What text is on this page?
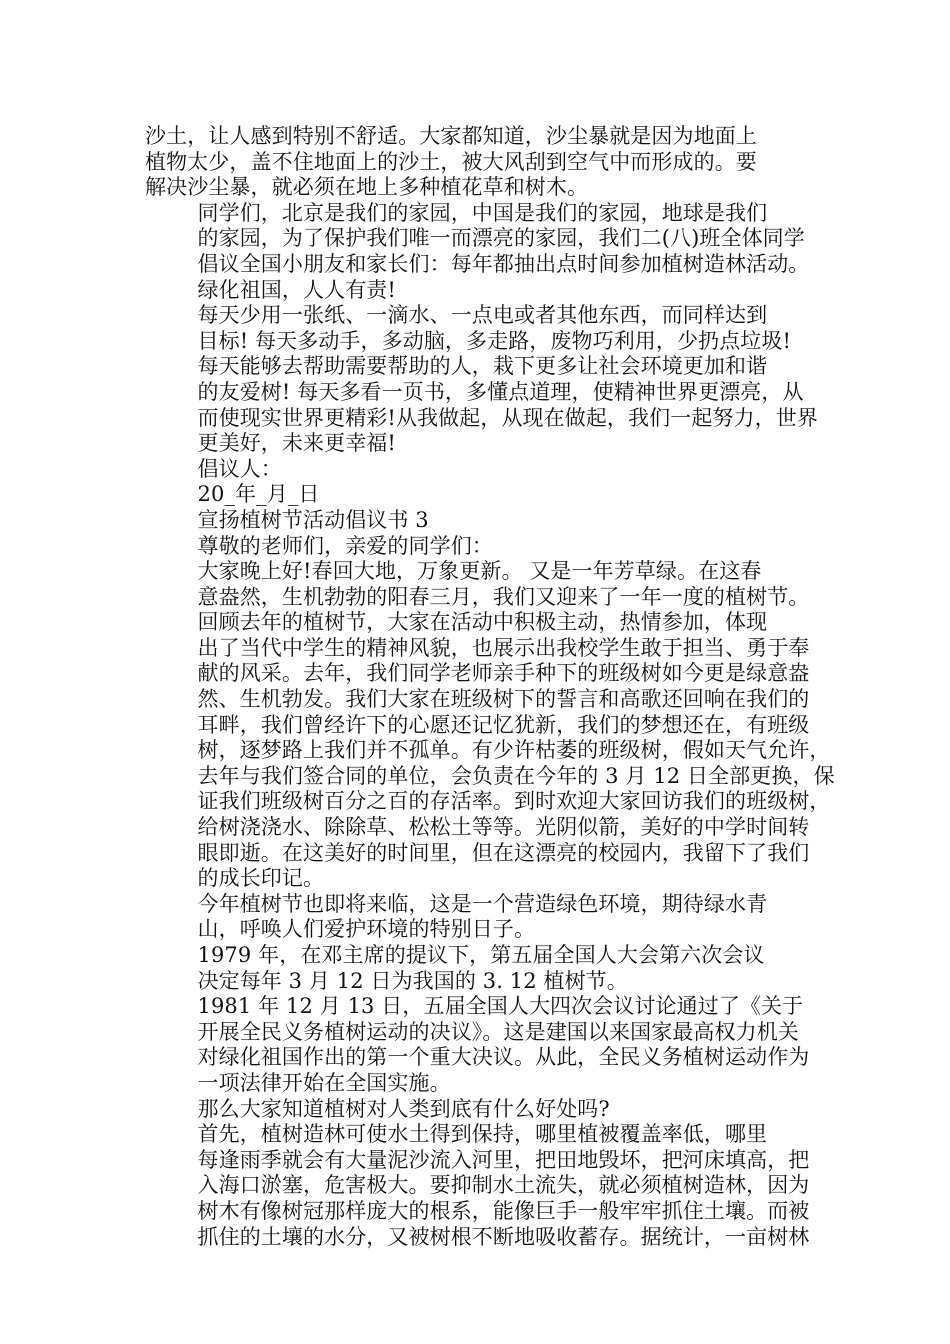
沙土，让人感到特别不舒适。大家都知道，沙尘暴就是因为地面上
植物太少，盖不住地面上的沙土，被大风刮到空气中而形成的。要
解决沙尘暴，就必须在地上多种植花草和树木。
同学们，北京是我们的家园，中国是我们的家园，地球是我们
的家园，为了保护我们唯一而漂亮的家园，我们二(八)班全体同学
倡议全国小朋友和家长们：每年都抽出点时间参加植树造林活动。
绿化祖国，人人有责!
每天少用一张纸、一滴水、一点电或者其他东西，而同样达到
目标! 每天多动手，多动脑，多走路，废物巧利用，少扔点垃圾!
每天能够去帮助需要帮助的人，栽下更多让社会环境更加和谐
的友爱树! 每天多看一页书，多懂点道理，使精神世界更漂亮，从
而使现实世界更精彩!从我做起，从现在做起，我们一起努力，世界
更美好，未来更幸福!
倡议人：
20_年_月_日
宣扬植树节活动倡议书 3
尊敬的老师们，亲爱的同学们：
大家晚上好!春回大地，万象更新。 又是一年芳草绿。在这春
意盎然，生机勃勃的阳春三月，我们又迎来了一年一度的植树节。
回顾去年的植树节，大家在活动中积极主动，热情参加，体现
出了当代中学生的精神风貌，也展示出我校学生敢于担当、勇于奉
献的风采。去年，我们同学老师亲手种下的班级树如今更是绿意盎
然、生机勃发。我们大家在班级树下的誓言和高歌还回响在我们的
耳畔，我们曾经许下的心愿还记忆犹新，我们的梦想还在，有班级
树，逐梦路上我们并不孤单。有少许枯萎的班级树，假如天气允许，
去年与我们签合同的单位，会负责在今年的 3 月 12 日全部更换，保
证我们班级树百分之百的存活率。到时欢迎大家回访我们的班级树，
给树浇浇水、除除草、松松土等等。光阴似箭，美好的中学时间转
眼即逝。在这美好的时间里，但在这漂亮的校园内，我留下了我们
的成长印记。
今年植树节也即将来临，这是一个营造绿色环境，期待绿水青
山，呼唤人们爱护环境的特别日子。
1979 年，在邓主席的提议下，第五届全国人大会第六次会议
决定每年 3 月 12 日为我国的 3. 12 植树节。
1981 年 12 月 13 日，五届全国人大四次会议讨论通过了《关于
开展全民义务植树运动的决议》。这是建国以来国家最高权力机关
对绿化祖国作出的第一个重大决议。从此，全民义务植树运动作为
一项法律开始在全国实施。
那么大家知道植树对人类到底有什么好处吗?
首先，植树造林可使水土得到保持，哪里植被覆盖率低，哪里
每逢雨季就会有大量泥沙流入河里，把田地毁坏，把河床填高，把
入海口淤塞，危害极大。要抑制水土流失，就必须植树造林，因为
树木有像树冠那样庞大的根系，能像巨手一般牢牢抓住土壤。而被
抓住的土壤的水分，又被树根不断地吸收蓄存。据统计，一亩树林
